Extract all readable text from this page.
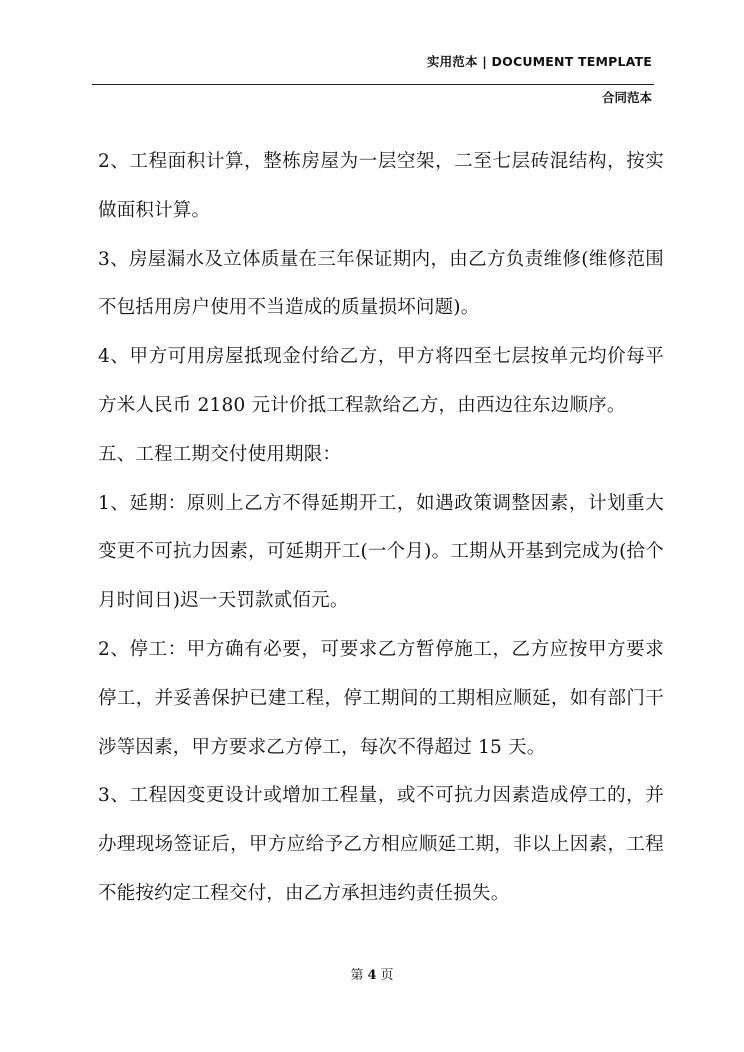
实用范本 | DOCUMENT TEMPLATE
合同范本

2、工程面积计算，整栋房屋为一层空架，二至七层砖混结构，按实做面积计算。

3、房屋漏水及立体质量在三年保证期内，由乙方负责维修(维修范围不包括用房户使用不当造成的质量损坏问题)。

4、甲方可用房屋抵现金付给乙方，甲方将四至七层按单元均价每平方米人民币 2180 元计价抵工程款给乙方，由西边往东边顺序。

五、工程工期交付使用期限：

1、延期：原则上乙方不得延期开工，如遇政策调整因素，计划重大变更不可抗力因素，可延期开工(一个月)。工期从开基到完成为(拾个月时间日)迟一天罚款贰佰元。

2、停工：甲方确有必要，可要求乙方暂停施工，乙方应按甲方要求停工，并妥善保护已建工程，停工期间的工期相应顺延，如有部门干涉等因素，甲方要求乙方停工，每次不得超过 15 天。

3、工程因变更设计或增加工程量，或不可抗力因素造成停工的，并办理现场签证后，甲方应给予乙方相应顺延工期，非以上因素，工程不能按约定工程交付，由乙方承担违约责任损失。

第 4 页
